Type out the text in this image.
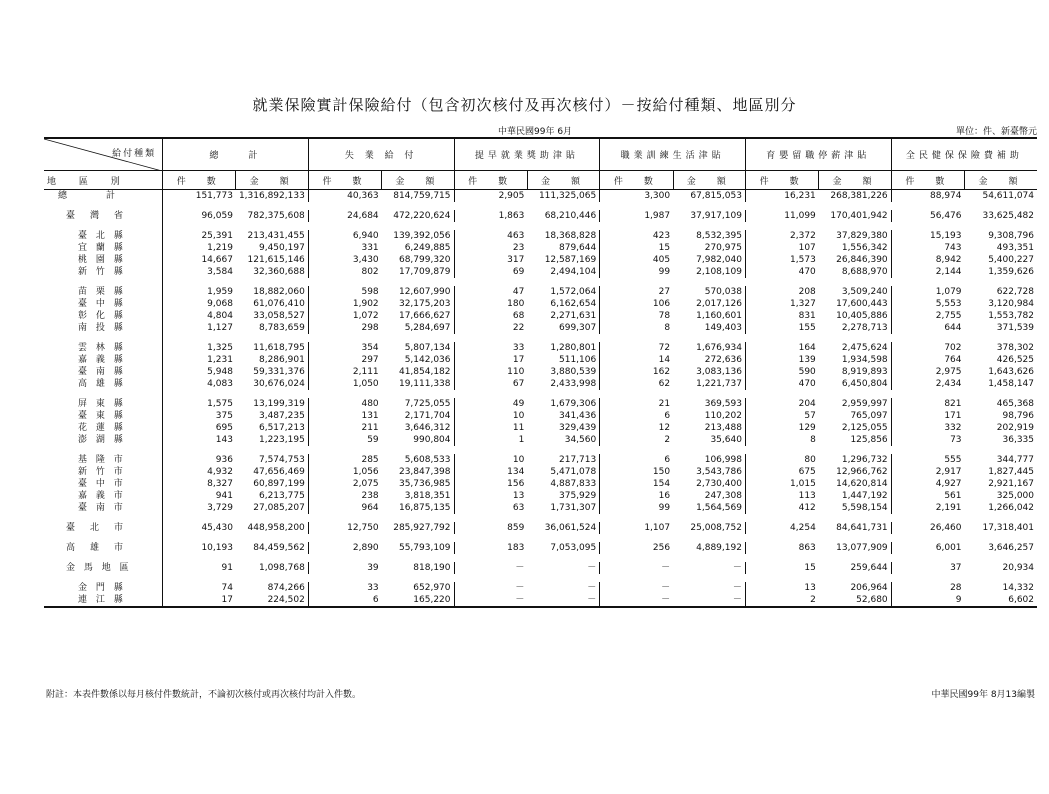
就業保險實計保險給付（包含初次核付及再次核付）－按給付種類、地區別分
中華民國99年 6月	單位：件、新臺幣元
給付種類	總　　計		失 業 給 付		提早就業獎助津貼		職業訓練生活津貼		育嬰留職停薪津貼		全民健保保險費補助	
地 區 別	件　數	金　額	件　數	金　額	件　數	金　額	件　數	金　額	件　數	金　額	件　數	金　額
總　　　計	151,773	1,316,892,133	40,363	814,759,715	2,905	111,325,065	3,300	67,815,053	16,231	268,381,226	88,974	54,611,074

臺　灣　省	96,059	782,375,608	24,684	472,220,624	1,863	68,210,446	1,987	37,917,109	11,099	170,401,942	56,476	33,625,482

臺 北 縣	25,391	213,431,455	6,940	139,392,056	463	18,368,828	423	8,532,395	2,372	37,829,380	15,193	9,308,796
宜 蘭 縣	1,219	9,450,197	331	6,249,885	23	879,644	15	270,975	107	1,556,342	743	493,351
桃 園 縣	14,667	121,615,146	3,430	68,799,320	317	12,587,169	405	7,982,040	1,573	26,846,390	8,942	5,400,227
新 竹 縣	3,584	32,360,688	802	17,709,879	69	2,494,104	99	2,108,109	470	8,688,970	2,144	1,359,626

苗 栗 縣	1,959	18,882,060	598	12,607,990	47	1,572,064	27	570,038	208	3,509,240	1,079	622,728
臺 中 縣	9,068	61,076,410	1,902	32,175,203	180	6,162,654	106	2,017,126	1,327	17,600,443	5,553	3,120,984
彰 化 縣	4,804	33,058,527	1,072	17,666,627	68	2,271,631	78	1,160,601	831	10,405,886	2,755	1,553,782
南 投 縣	1,127	8,783,659	298	5,284,697	22	699,307	8	149,403	155	2,278,713	644	371,539

雲 林 縣	1,325	11,618,795	354	5,807,134	33	1,280,801	72	1,676,934	164	2,475,624	702	378,302
嘉 義 縣	1,231	8,286,901	297	5,142,036	17	511,106	14	272,636	139	1,934,598	764	426,525
臺 南 縣	5,948	59,331,376	2,111	41,854,182	110	3,880,539	162	3,083,136	590	8,919,893	2,975	1,643,626
高 雄 縣	4,083	30,676,024	1,050	19,111,338	67	2,433,998	62	1,221,737	470	6,450,804	2,434	1,458,147

屏 東 縣	1,575	13,199,319	480	7,725,055	49	1,679,306	21	369,593	204	2,959,997	821	465,368
臺 東 縣	375	3,487,235	131	2,171,704	10	341,436	6	110,202	57	765,097	171	98,796
花 蓮 縣	695	6,517,213	211	3,646,312	11	329,439	12	213,488	129	2,125,055	332	202,919
澎 湖 縣	143	1,223,195	59	990,804	1	34,560	2	35,640	8	125,856	73	36,335

基 隆 市	936	7,574,753	285	5,608,533	10	217,713	6	106,998	80	1,296,732	555	344,777
新 竹 市	4,932	47,656,469	1,056	23,847,398	134	5,471,078	150	3,543,786	675	12,966,762	2,917	1,827,445
臺 中 市	8,327	60,897,199	2,075	35,736,985	156	4,887,833	154	2,730,400	1,015	14,620,814	4,927	2,921,167
嘉 義 市	941	6,213,775	238	3,818,351	13	375,929	16	247,308	113	1,447,192	561	325,000
臺 南 市	3,729	27,085,207	964	16,875,135	63	1,731,307	99	1,564,569	412	5,598,154	2,191	1,266,042

臺　北　市	45,430	448,958,200	12,750	285,927,792	859	36,061,524	1,107	25,008,752	4,254	84,641,731	26,460	17,318,401

高　雄　市	10,193	84,459,562	2,890	55,793,109	183	7,053,095	256	4,889,192	863	13,077,909	6,001	3,646,257

金 馬 地 區	91	1,098,768	39	818,190	－	－	－	－	15	259,644	37	20,934

金 門 縣	74	874,266	33	652,970	－	－	－	－	13	206,964	28	14,332
連 江 縣	17	224,502	6	165,220	－	－	－	－	2	52,680	9	6,602
附註：本表件數係以每月核付件數統計，不論初次核付或再次核付均計入件數。	中華民國99年 8月13編製
